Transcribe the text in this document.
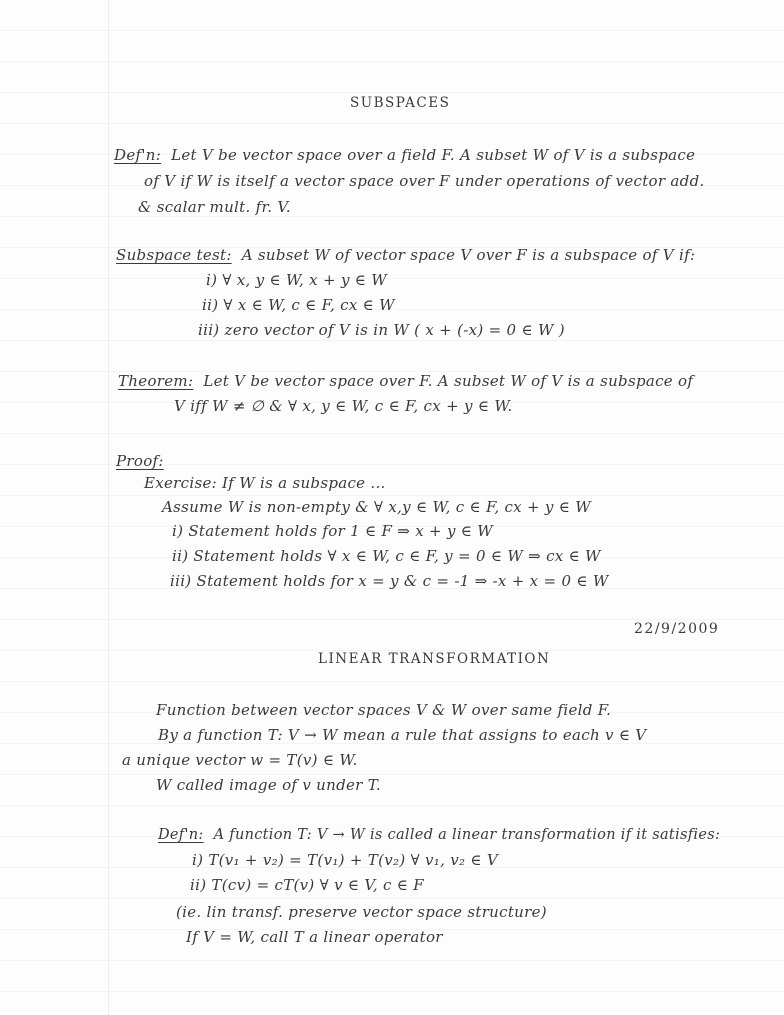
SUBSPACES
Def'n: Let V be vector space over a field F. A subset W of V is a subspace
of V if W is itself a vector space over F under operations of vector add.
& scalar mult. fr. V.
Subspace test: A subset W of vector space V over F is a subspace of V if:
i) ∀ x, y ∈ W, x + y ∈ W
ii) ∀ x ∈ W, c ∈ F, cx ∈ W
iii) zero vector of V is in W ( x + (-x) = 0 ∈ W )
Theorem: Let V be vector space over F. A subset W of V is a subspace of
V iff W ≠ ∅ & ∀ x, y ∈ W, c ∈ F, cx + y ∈ W.
Proof:
Exercise: If W is a subspace ...
Assume W is non-empty & ∀ x,y ∈ W, c ∈ F, cx + y ∈ W
i) Statement holds for 1 ∈ F ⇒ x + y ∈ W
ii) Statement holds ∀ x ∈ W, c ∈ F, y = 0 ∈ W ⇒ cx ∈ W
iii) Statement holds for x = y & c = -1 ⇒ -x + x = 0 ∈ W
22/9/2009
LINEAR TRANSFORMATION
Function between vector spaces V & W over same field F.
By a function T: V → W mean a rule that assigns to each v ∈ V
a unique vector w = T(v) ∈ W.
W called image of v under T.
Def'n: A function T: V → W is called a linear transformation if it satisfies:
i) T(v₁ + v₂) = T(v₁) + T(v₂) ∀ v₁, v₂ ∈ V
ii) T(cv) = cT(v) ∀ v ∈ V, c ∈ F
(ie. lin transf. preserve vector space structure)
If V = W, call T a linear operator
